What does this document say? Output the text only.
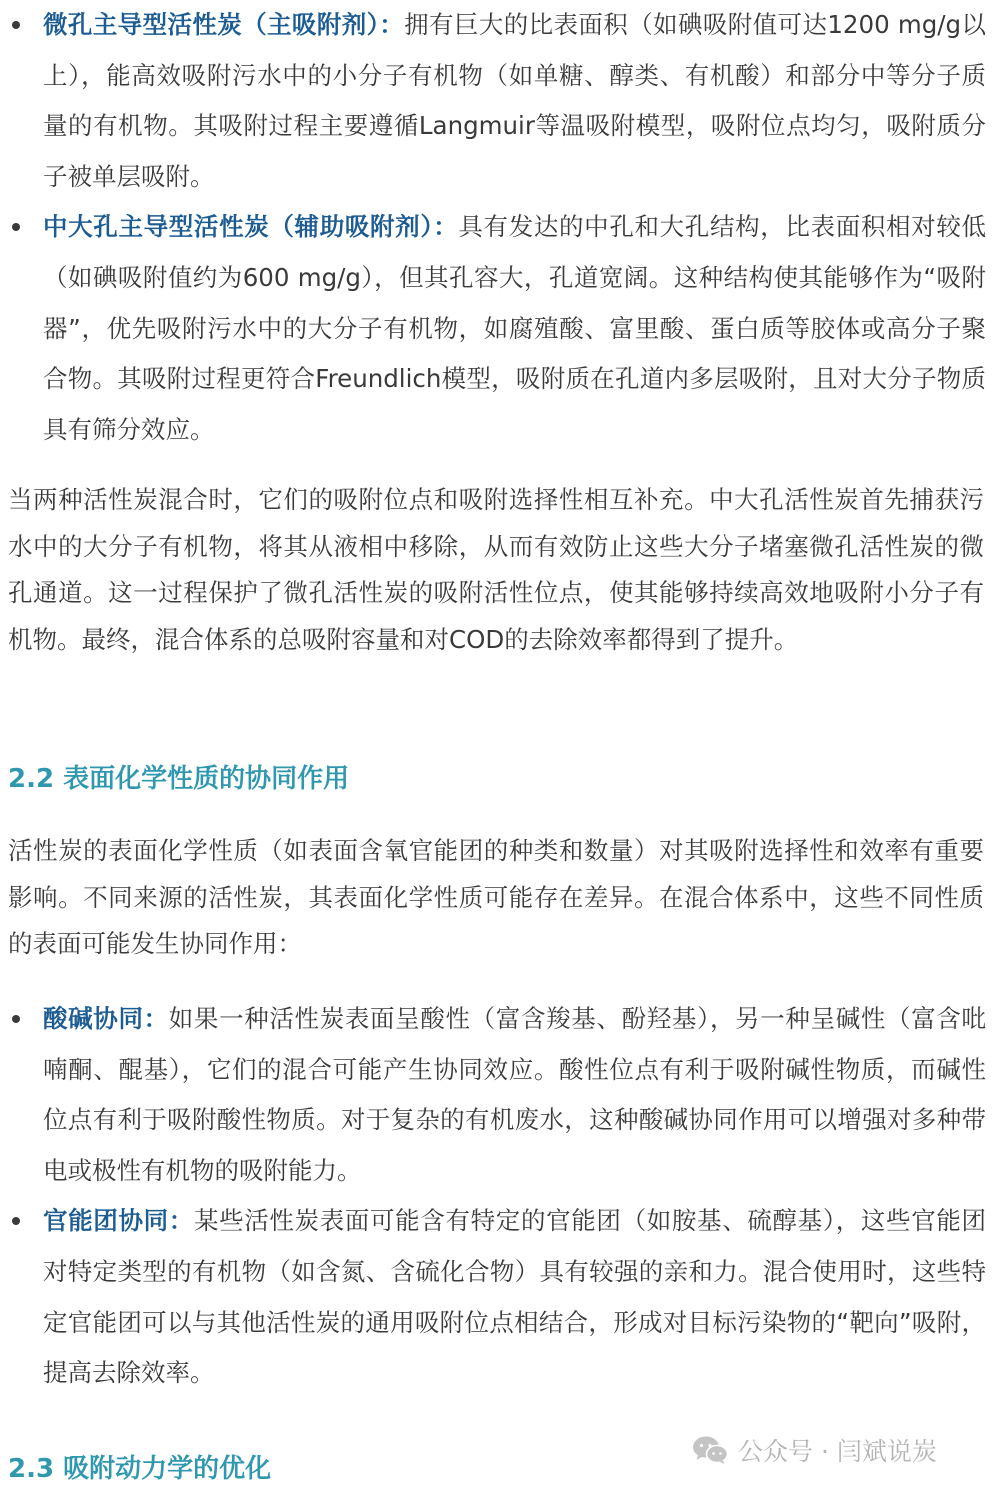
微孔主导型活性炭（主吸附剂）：拥有巨大的比表面积（如碘吸附值可达1200 mg/g以上），能高效吸附污水中的小分子有机物（如单糖、醇类、有机酸）和部分中等分子质量的有机物。其吸附过程主要遵循Langmuir等温吸附模型，吸附位点均匀，吸附质分子被单层吸附。
中大孔主导型活性炭（辅助吸附剂）：具有发达的中孔和大孔结构，比表面积相对较低（如碘吸附值约为600 mg/g），但其孔容大，孔道宽阔。这种结构使其能够作为“吸附器”，优先吸附污水中的大分子有机物，如腐殖酸、富里酸、蛋白质等胶体或高分子聚合物。其吸附过程更符合Freundlich模型，吸附质在孔道内多层吸附，且对大分子物质具有筛分效应。

当两种活性炭混合时，它们的吸附位点和吸附选择性相互补充。中大孔活性炭首先捕获污水中的大分子有机物，将其从液相中移除，从而有效防止这些大分子堵塞微孔活性炭的微孔通道。这一过程保护了微孔活性炭的吸附活性位点，使其能够持续高效地吸附小分子有机物。最终，混合体系的总吸附容量和对COD的去除效率都得到了提升。

2.2 表面化学性质的协同作用

活性炭的表面化学性质（如表面含氧官能团的种类和数量）对其吸附选择性和效率有重要影响。不同来源的活性炭，其表面化学性质可能存在差异。在混合体系中，这些不同性质的表面可能发生协同作用：

酸碱协同：如果一种活性炭表面呈酸性（富含羧基、酚羟基），另一种呈碱性（富含吡喃酮、醌基），它们的混合可能产生协同效应。酸性位点有利于吸附碱性物质，而碱性位点有利于吸附酸性物质。对于复杂的有机废水，这种酸碱协同作用可以增强对多种带电或极性有机物的吸附能力。
官能团协同：某些活性炭表面可能含有特定的官能团（如胺基、硫醇基），这些官能团对特定类型的有机物（如含氮、含硫化合物）具有较强的亲和力。混合使用时，这些特定官能团可以与其他活性炭的通用吸附位点相结合，形成对目标污染物的“靶向”吸附，提高去除效率。
2.3 吸附动力学的优化
公众号 · 闫斌说炭
